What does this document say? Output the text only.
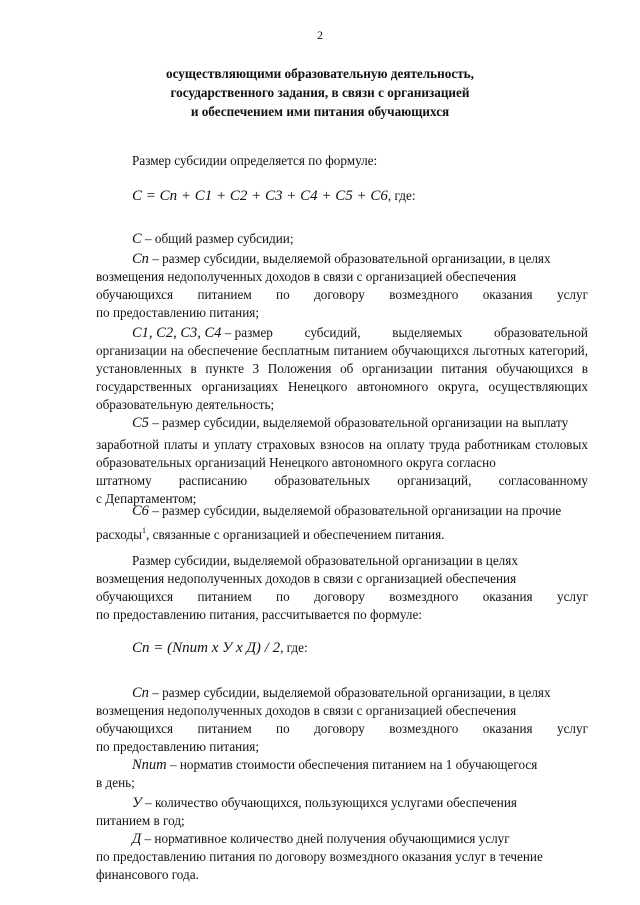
2
осуществляющими образовательную деятельность,
государственного задания, в связи с организацией
и обеспечением ими питания обучающихся
Размер субсидии определяется по формуле:
C = Cп + C1 + C2 + C3 + C4 + C5 + C6, где:
С – общий размер субсидии;
Сп – размер субсидии, выделяемой образовательной организации, в целях
возмещения недополученных доходов в связи с организацией обеспечения
обучающихся питанием по договору возмездного оказания услуг
по предоставлению питания;
С1, С2, С3, С4 – размер субсидий, выделяемых образовательной
организации на обеспечение бесплатным питанием обучающихся льготных категорий, установленных в пункте 3 Положения об организации питания обучающихся в государственных организациях Ненецкого автономного округа, осуществляющих образовательную деятельность;
С5 – размер субсидии, выделяемой образовательной организации на выплату
заработной платы и уплату страховых взносов на оплату труда работникам столовых образовательных организаций Ненецкого автономного округа согласно
штатному расписанию образовательных организаций, согласованному
с Департаментом;
С6 – размер субсидии, выделяемой образовательной организации на прочие
расходы$^1$, связанные с организацией и обеспечением питания.
Размер субсидии, выделяемой образовательной организации в целях
возмещения недополученных доходов в связи с организацией обеспечения
обучающихся питанием по договору возмездного оказания услуг
по предоставлению питания, рассчитывается по формуле:
Сп = (Nпит х У х Д) / 2, где:
Сп – размер субсидии, выделяемой образовательной организации, в целях
возмещения недополученных доходов в связи с организацией обеспечения
обучающихся питанием по договору возмездного оказания услуг
по предоставлению питания;
Nпит – норматив стоимости обеспечения питанием на 1 обучающегося
в день;
У – количество обучающихся, пользующихся услугами обеспечения
питанием в год;
Д – нормативное количество дней получения обучающимися услуг
по предоставлению питания по договору возмездного оказания услуг в течение
финансового года.
